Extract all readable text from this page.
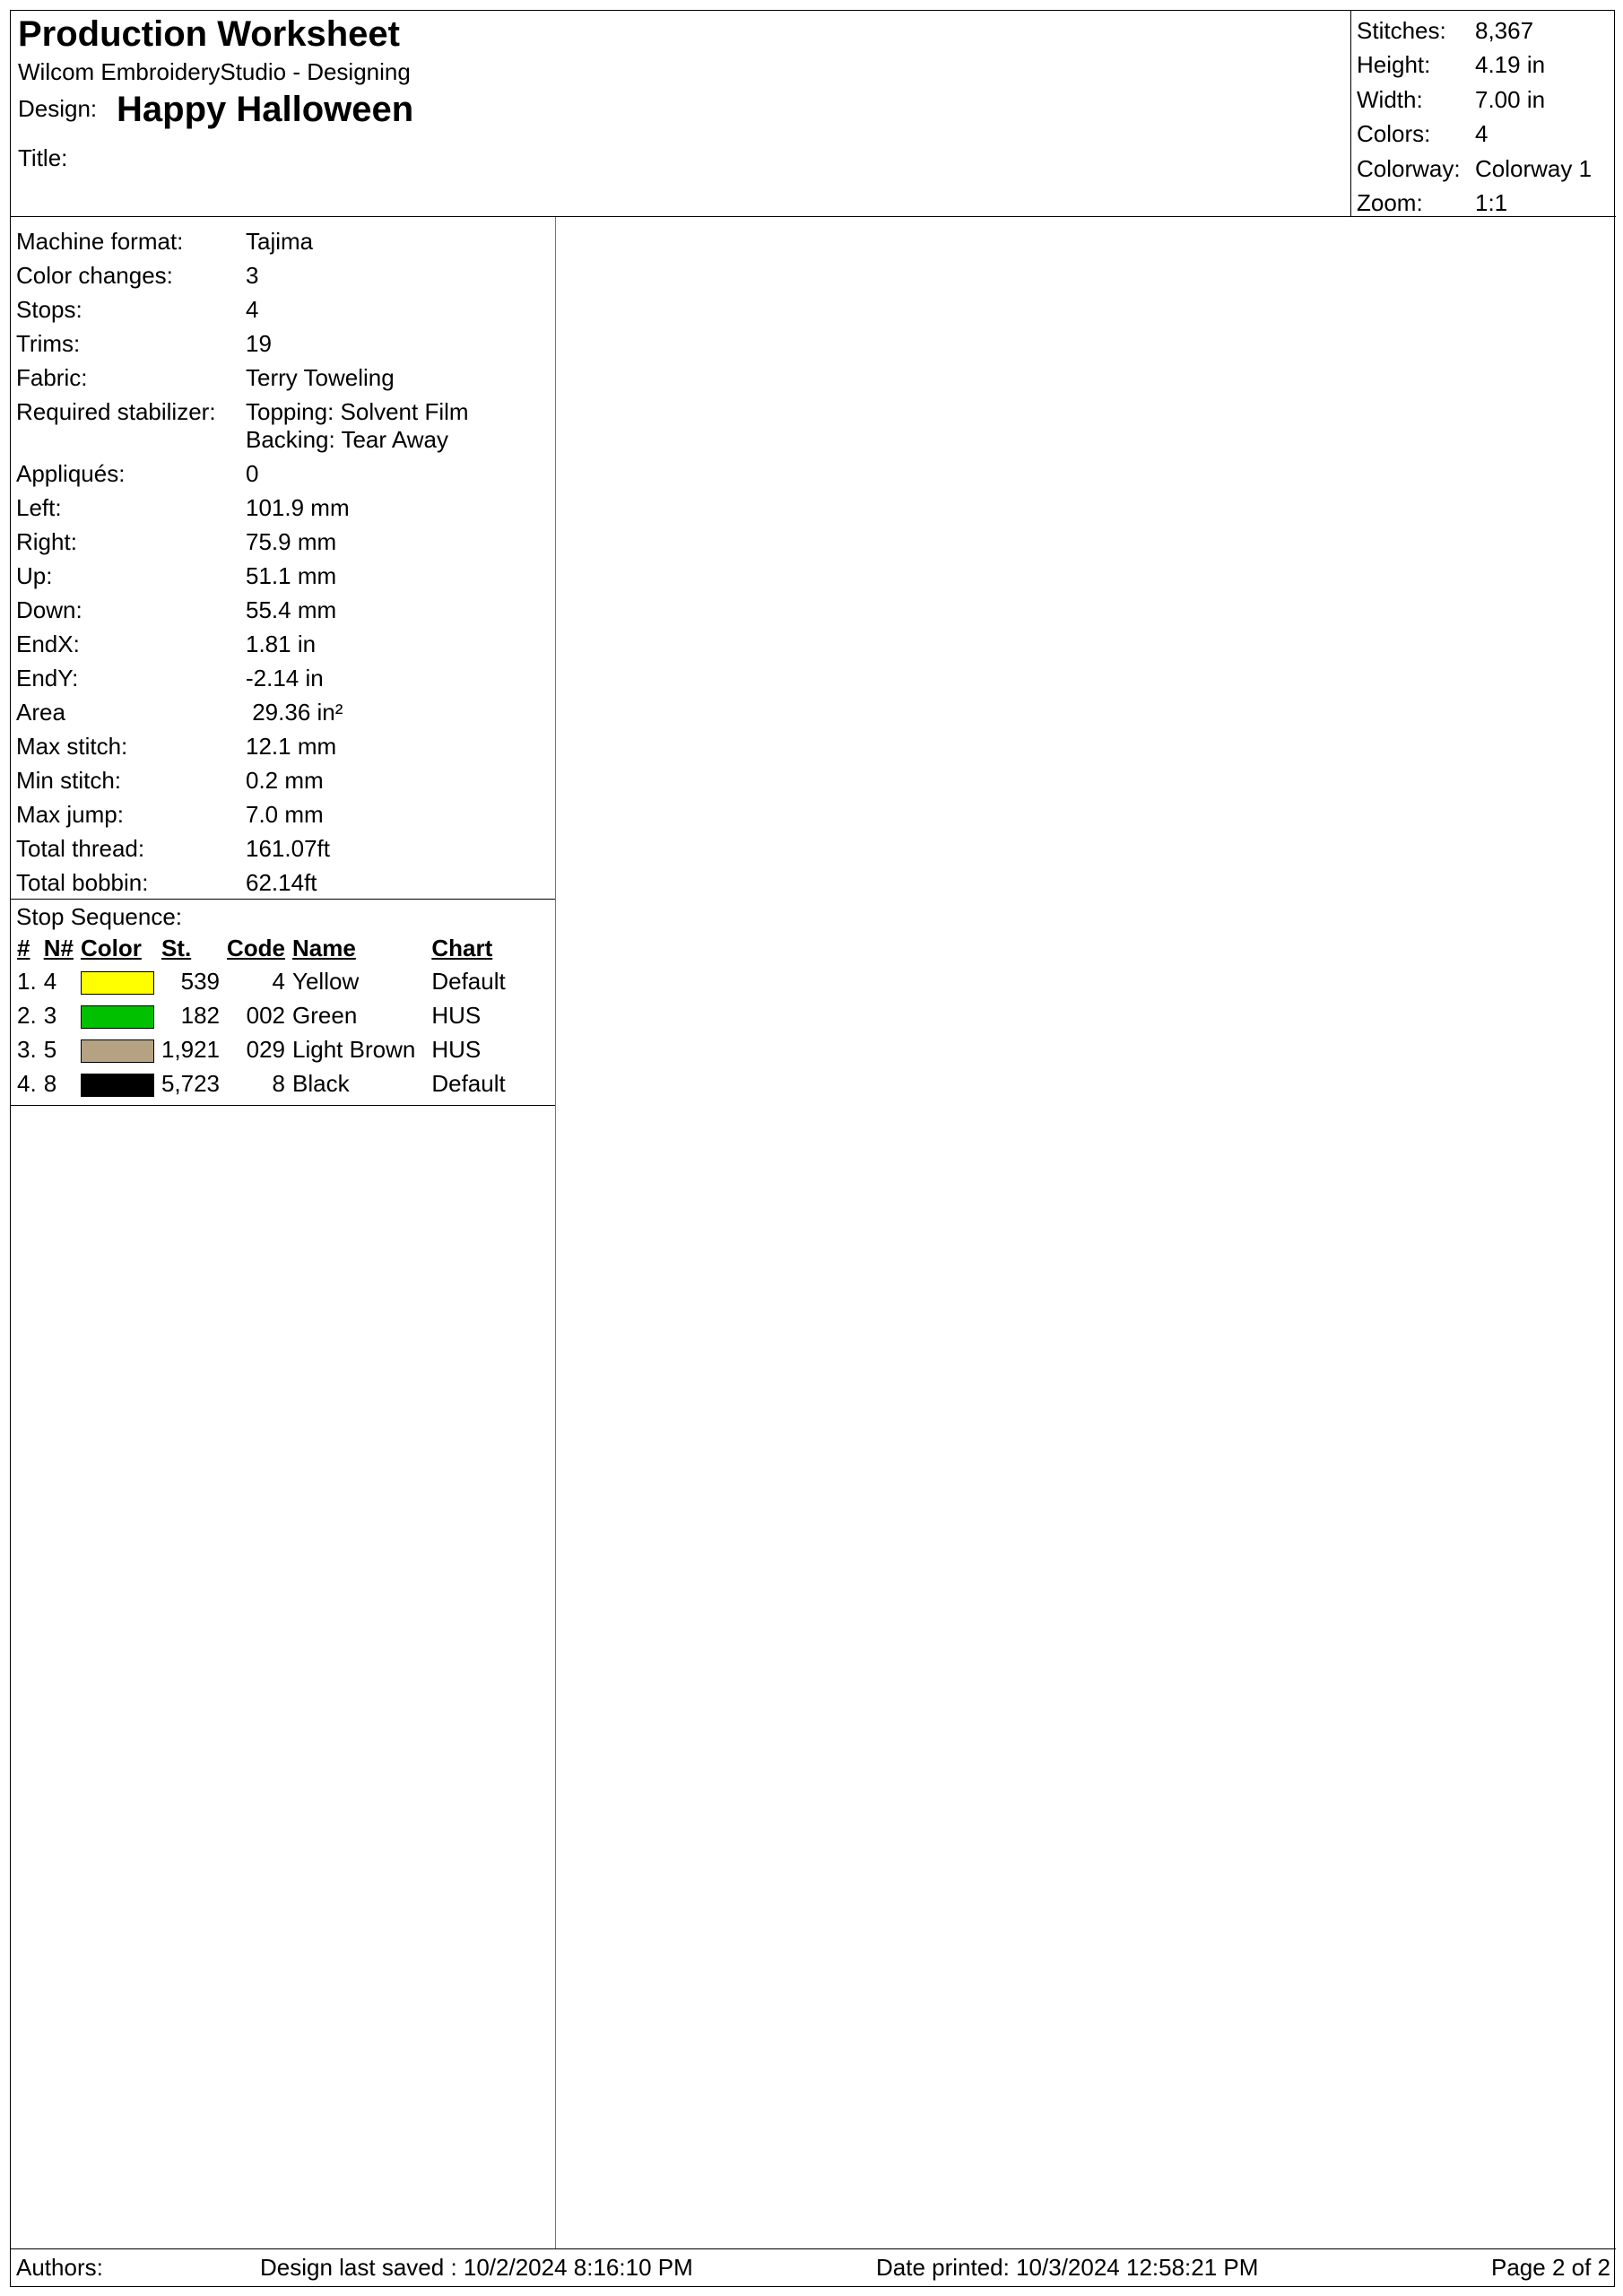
Production Worksheet
Wilcom EmbroideryStudio - Designing
Design: Happy Halloween
Title:
Stitches:	8,367
Height:	4.19 in
Width:	7.00 in
Colors:	4
Colorway: Colorway 1
Zoom:	1:1
Machine format:	Tajima
Color changes:	3
Stops:	4
Trims:	19
Fabric:	Terry Toweling
Required stabilizer:	Topping: Solvent Film
Backing: Tear Away
Appliqués:	0
Left:	101.9 mm
Right:	75.9 mm
Up:	51.1 mm
Down:	55.4 mm
EndX:	1.81 in
EndY:	-2.14 in
Area	29.36 in²
Max stitch:	12.1 mm
Min stitch:	0.2 mm
Max jump:	7.0 mm
Total thread:	161.07ft
Total bobbin:	62.14ft
Stop Sequence:
#	N#	Color	St.	Code	Name	Chart
1.	4		539	4	Yellow	Default
2.	3		182	002	Green	HUS
3.	5		1,921	029	Light Brown	HUS
4.	8		5,723	8	Black	Default
Authors:	Design last saved : 10/2/2024 8:16:10 PM	Date printed: 10/3/2024 12:58:21 PM	Page 2 of 2
